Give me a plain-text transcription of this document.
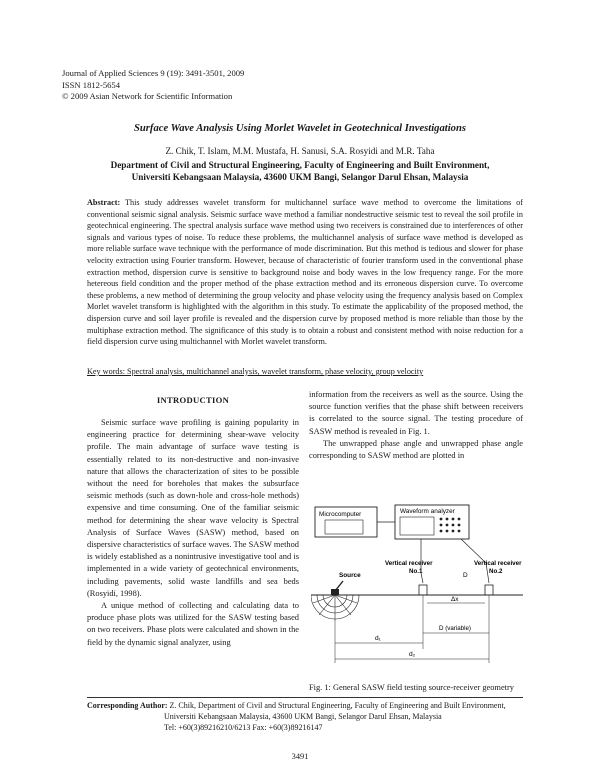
Journal of Applied Sciences 9 (19): 3491-3501, 2009
ISSN 1812-5654
© 2009 Asian Network for Scientific Information
Surface Wave Analysis Using Morlet Wavelet in Geotechnical Investigations
Z. Chik, T. Islam, M.M. Mustafa, H. Sanusi, S.A. Rosyidi and M.R. Taha
Department of Civil and Structural Engineering, Faculty of Engineering and Built Environment,
Universiti Kebangsaan Malaysia, 43600 UKM Bangi, Selangor Darul Ehsan, Malaysia
Abstract: This study addresses wavelet transform for multichannel surface wave method to overcome the limitations of conventional seismic signal analysis. Seismic surface wave method a familiar nondestructive seismic test to reveal the soil profile in geotechnical engineering. The spectral analysis surface wave method using two receivers is constrained due to interferences of other signals and various types of noise. To reduce these problems, the multichannel analysis of surface wave method is developed as more reliable surface wave technique with the performance of mode discrimination. But this method is tedious and slower for phase velocity extraction using Fourier transform. However, because of characteristic of fourier transform used in the conventional phase extraction method, dispersion curve is sensitive to background noise and body waves in the low frequency range. For the more hetereous field condition and the proper method of the phase extraction method and its erroneous dispersion curve. To overcome these problems, a new method of determining the group velocity and phase velocity using the frequency analysis based on Complex Morlet wavelet transform is highlighted with the algorithm in this study. To estimate the applicability of the proposed method, the dispersion curve and soil layer profile is revealed and the dispersion curve by proposed method is more reliable than those by the multiphase extraction method. The significance of this study is to obtain a robust and consistent method with noise reduction for a field dispersion curve using multichannel with Morlet wavelet transform.
Key words: Spectral analysis, multichannel analysis, wavelet transform, phase velocity, group velocity
INTRODUCTION

Seismic surface wave profiling is gaining popularity in engineering practice for determining shear-wave velocity profile. The main advantage of surface wave testing is essentially related to its non-destructive and non-invasive nature that allows the characterization of sites to be possible without the need for boreholes that makes the subsurface seismic methods (such as down-hole and cross-hole methods) expensive and time consuming. One of the familiar seismic method for determining the shear wave velocity is Spectral Analysis of Surface Waves (SASW) method, based on dispersive characteristics of surface waves. The SASW method is widely established as a nonintrusive investigative tool and is implemented in a wide variety of geotechnical environments, including pavements, solid waste landfills and sea beds (Rosyidi, 1998).

A unique method of collecting and calculating data to produce phase plots was utilized for the SASW testing based on two receivers. Phase plots were calculated and shown in the field by the dynamic signal analyzer, using

information from the receivers as well as the source. Using the source function verifies that the phase shift between receivers is correlated to the source signal. The testing procedure of SASW method is revealed in Fig. 1.

The unwrapped phase angle and unwrapped phase angle corresponding to SASW method are plotted in

Microcomputer	Waveform analyzer
Vertical receiver
No.1
Vertical receiver
No.2
Source
Δx
D (variable)
d₁
d₂
D
Fig. 1: General SASW field testing source-receiver geometry
Corresponding Author: Z. Chik, Department of Civil and Structural Engineering, Faculty of Engineering and Built Environment,
Universiti Kebangsaan Malaysia, 43600 UKM Bangi, Selangor Darul Ehsan, Malaysia
Tel: +60(3)89216210/6213 Fax: +60(3)89216147
3491
